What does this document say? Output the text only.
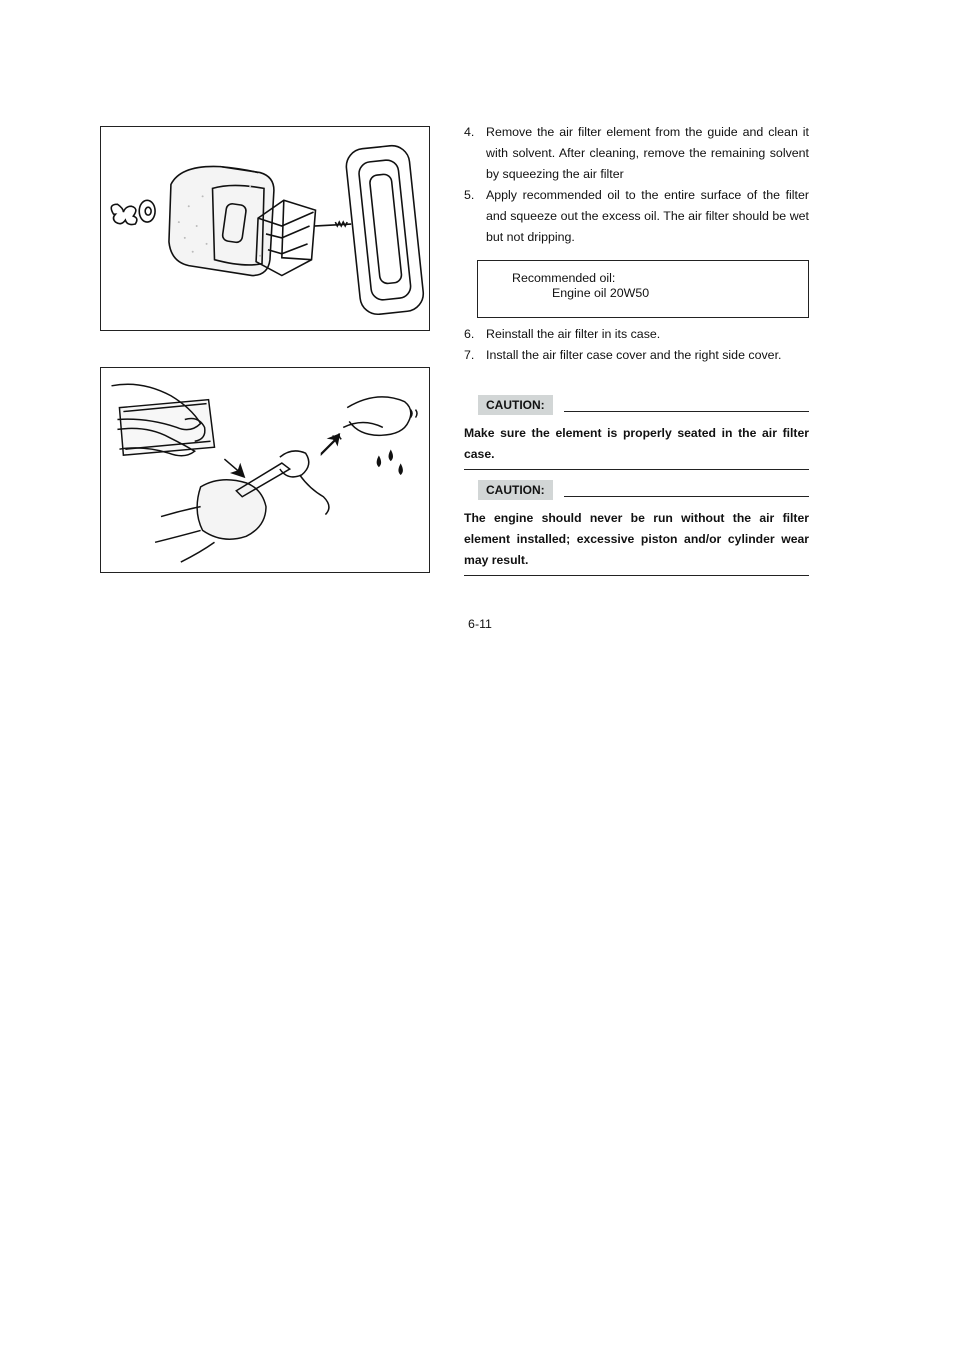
4. Remove the air filter element from the guide and clean it with solvent. After cleaning, remove the remaining solvent by squeezing the air filter
5. Apply recommended oil to the entire surface of the filter and squeeze out the excess oil. The air filter should be wet but not dripping.
Recommended oil:
Engine oil 20W50
6. Reinstall the air filter in its case.
7. Install the air filter case cover and the right side cover.
CAUTION:
Make sure the element is properly seated in the air filter case.
CAUTION:
The engine should never be run without the air filter element installed; excessive piston and/or cylinder wear may result.
6-11
